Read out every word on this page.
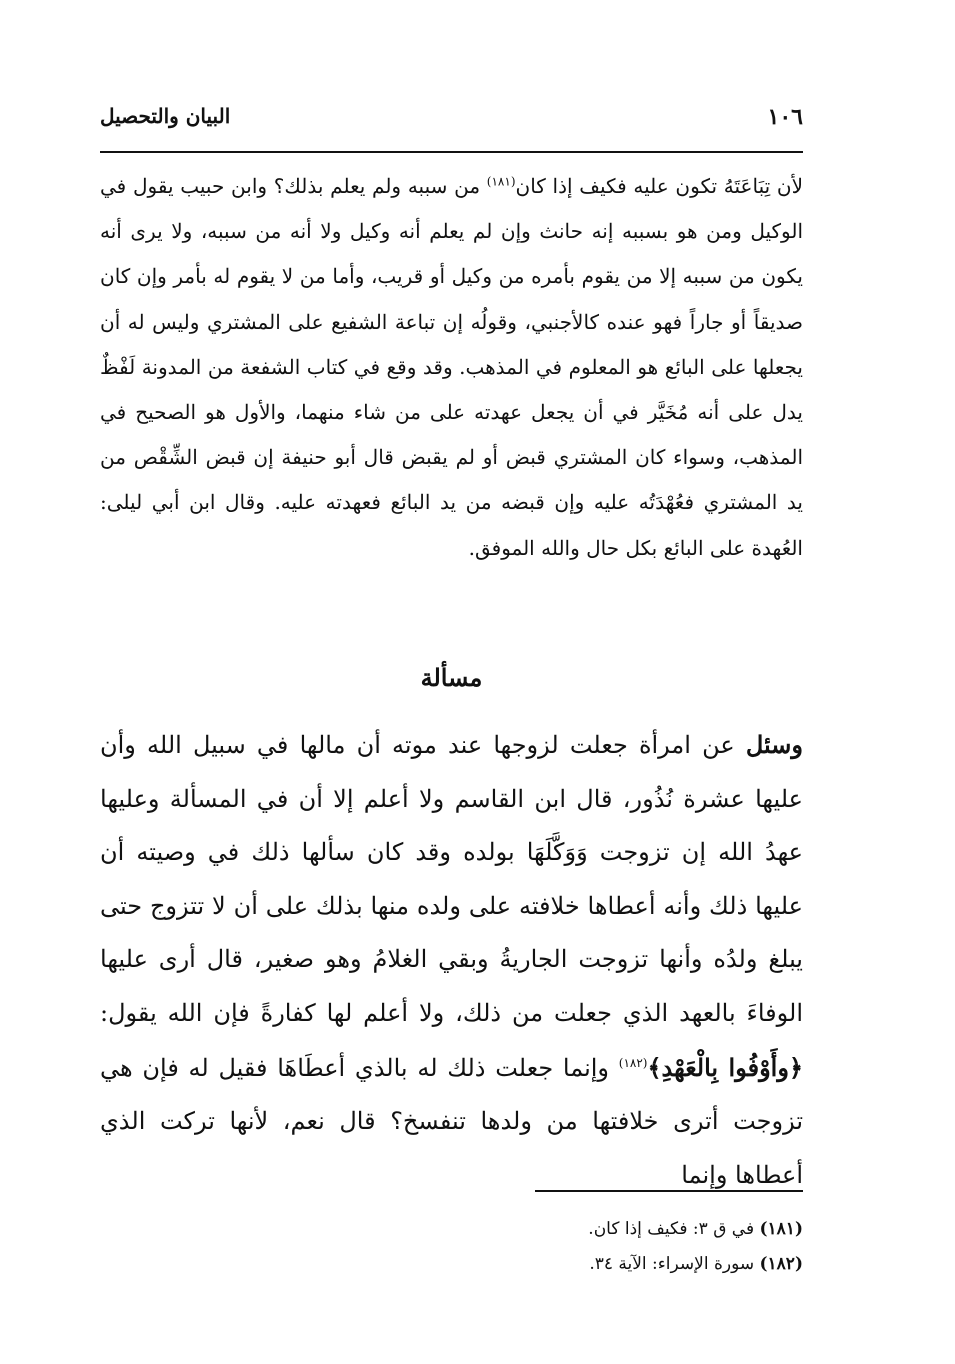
١٠٦
البيان والتحصيل

لأن تِبَاعَتَهُ تكون عليه فكيف إذا كان$^{(١٨١)}$ من سببه ولم يعلم بذلك؟ وابن حبيب يقول في الوكيل ومن هو بسببه إنه حانث وإن لم يعلم أنه وكيل ولا أنه من سببه، ولا يرى أنه يكون من سببه إلا من يقوم بأمره من وكيل أو قريب، وأما من لا يقوم له بأمر وإن كان صديقاً أو جاراً فهو عنده كالأجنبي، وقولُه إن تباعة الشفيع على المشتري وليس له أن يجعلها على البائع هو المعلوم في المذهب. وقد وقع في كتاب الشفعة من المدونة لَفْظٌ يدل على أنه مُخَيَّر في أن يجعل عهدته على من شاء منهما، والأول هو الصحيح في المذهب، وسواء كان المشتري قبض أو لم يقبض قال أبو حنيفة إن قبض الشِّقْص من يد المشتري فعُهْدَتُه عليه وإن قبضه من يد البائع فعهدته عليه. وقال ابن أبي ليلى: العُهدة على البائع بكل حال والله الموفق.

مسألة

وسئل عن امرأة جعلت لزوجها عند موته أن مالها في سبيل الله وأن عليها عشرة نُذُور، قال ابن القاسم ولا أعلم إلا أن في المسألة وعليها عهدُ الله إن تزوجت وَوَكَّلَهَا بولده وقد كان سألها ذلك في وصيته أن عليها ذلك وأنه أعطاها خلافته على ولده منها بذلك على أن لا تتزوج حتى يبلغ ولدُه وأنها تزوجت الجاريةُ وبقي الغلامُ وهو صغير، قال أرى عليها الوفاءَ بالعهد الذي جعلت من ذلك، ولا أعلم لها كفارةً فإن الله يقول: ﴿وأَوْفُوا بِالْعَهْدِ﴾$^{(١٨٢)}$ وإنما جعلت ذلك له بالذي أعطَاهَا فقيل له فإن هي تزوجت أترى خلافتها من ولدها تنفسخ؟ قال نعم، لأنها تركت الذي أعطاها وإنما

(١٨١) في ق ٣: فكيف إذا كان.

(١٨٢) سورة الإسراء: الآية ٣٤.
